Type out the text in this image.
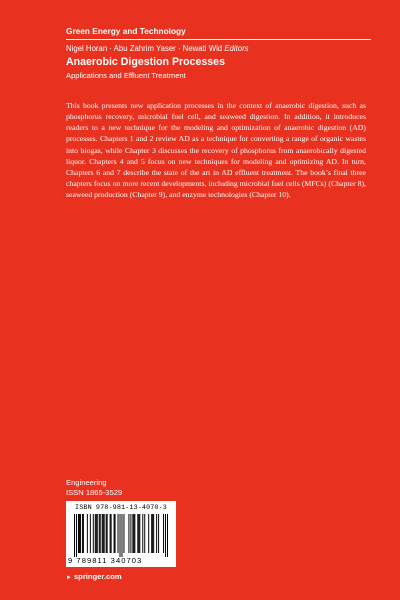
Green Energy and Technology
Nigel Horan · Abu Zahrim Yaser · Newati Wid Editors
Anaerobic Digestion Processes
Applications and Effluent Treatment
This book presents new application processes in the context of anaerobic digestion, such as phosphorus recovery, microbial fuel cell, and seaweed digestion. In addition, it introduces readers to a new technique for the modeling and optimization of anaerobic digestion (AD) processes. Chapters 1 and 2 review AD as a technique for converting a range of organic wastes into biogas, while Chapter 3 discusses the recovery of phosphorus from anaerobically digested liquor. Chapters 4 and 5 focus on new techniques for modeling and optimizing AD. In turn, Chapters 6 and 7 describe the state of the art in AD effluent treatment. The book’s final three chapters focus on more recent developments, including microbial fuel cells (MFCs) (Chapter 8), seaweed production (Chapter 9), and enzyme technologies (Chapter 10).
Engineering
ISSN 1865-3529
ISBN 978-981-13-4070-3
9 789811 340703
► springer.com
